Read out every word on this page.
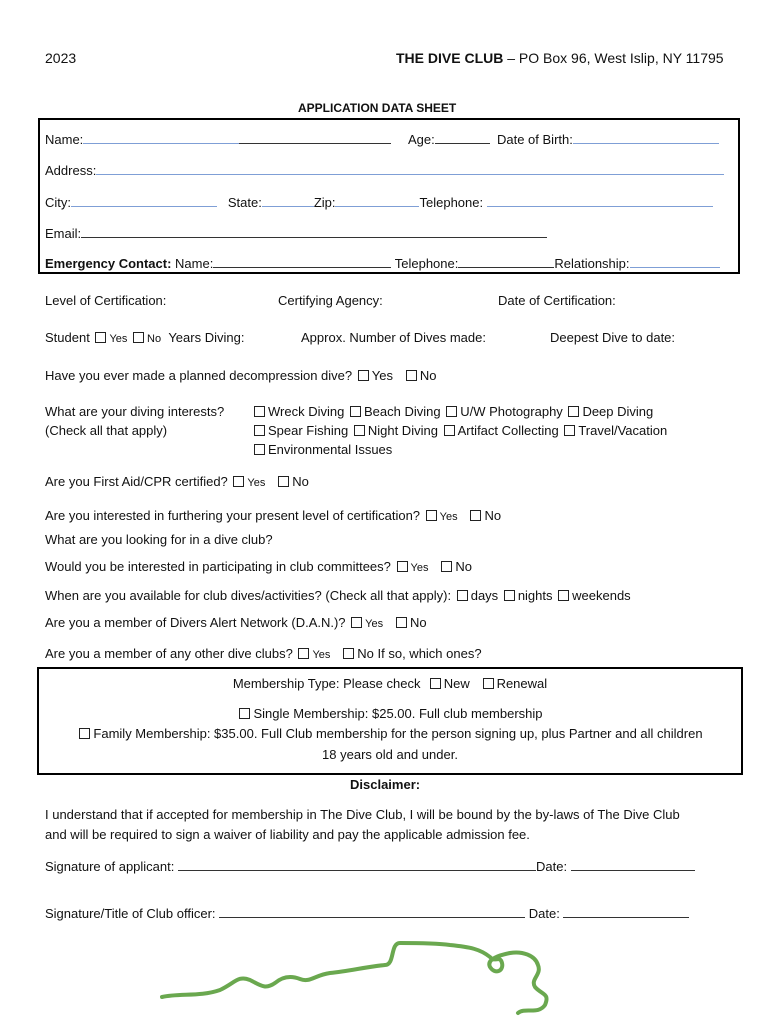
2023	THE DIVE CLUB – PO Box 96, West Islip, NY 11795
APPLICATION DATA SHEET
Name:	Age:	Date of Birth:
Address:
City:	State:	Zip:	Telephone:
Email:
Emergency Contact: Name:	Telephone:	Relationship:
Level of Certification:	Certifying Agency:	Date of Certification:
Student Yes No Years Diving:	Approx. Number of Dives made:	Deepest Dive to date:
Have you ever made a planned decompression dive? Yes No
What are your diving interests?
(Check all that apply)
Wreck Diving Beach Diving U/W Photography Deep Diving
Spear Fishing Night Diving Artifact Collecting Travel/Vacation
Environmental Issues
Are you First Aid/CPR certified? Yes No
Are you interested in furthering your present level of certification? Yes No
What are you looking for in a dive club?
Would you be interested in participating in club committees? Yes No
When are you available for club dives/activities? (Check all that apply): days nights weekends
Are you a member of Divers Alert Network (D.A.N.)? Yes No
Are you a member of any other dive clubs? Yes No If so, which ones?
Membership Type: Please check New Renewal
Single Membership: $25.00. Full club membership
Family Membership: $35.00. Full Club membership for the person signing up, plus Partner and all children
18 years old and under.
Disclaimer:
I understand that if accepted for membership in The Dive Club, I will be bound by the by-laws of The Dive Club
and will be required to sign a waiver of liability and pay the applicable admission fee.
Signature of applicant:	Date:
Signature/Title of Club officer:	Date:
